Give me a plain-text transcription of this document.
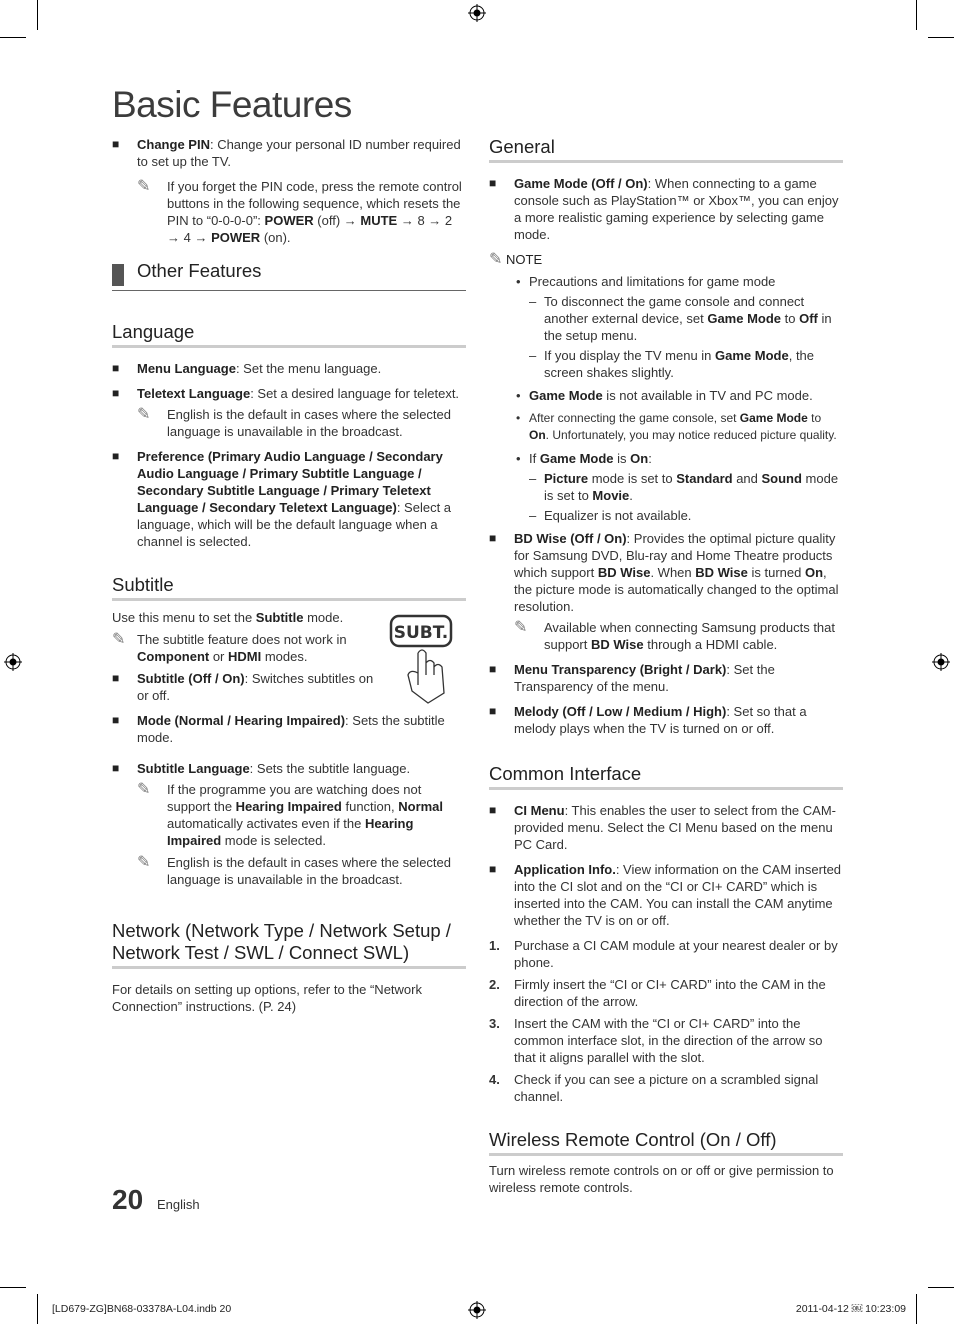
Basic Features
■ Change PIN: Change your personal ID number required to set up the TV.
✎ If you forget the PIN code, press the remote control buttons in the following sequence, which resets the PIN to “0-0-0-0”: POWER (off) → MUTE → 8 → 2 → 4 → POWER (on).
Other Features
Language
■ Menu Language: Set the menu language.
■ Teletext Language: Set a desired language for teletext.
✎ English is the default in cases where the selected language is unavailable in the broadcast.
■ Preference (Primary Audio Language / Secondary Audio Language / Primary Subtitle Language / Secondary Subtitle Language / Primary Teletext Language / Secondary Teletext Language): Select a language, which will be the default language when a channel is selected.
Subtitle
SUBT.
Use this menu to set the Subtitle mode.
✎ The subtitle feature does not work in Component or HDMI modes.
■ Subtitle (Off / On): Switches subtitles on or off.
■ Mode (Normal / Hearing Impaired): Sets the subtitle mode.
■ Subtitle Language: Sets the subtitle language.
✎ If the programme you are watching does not support the Hearing Impaired function, Normal automatically activates even if the Hearing Impaired mode is selected.
✎ English is the default in cases where the selected language is unavailable in the broadcast.
Network (Network Type / Network Setup / Network Test / SWL / Connect SWL)
For details on setting up options, refer to the “Network Connection” instructions. (P. 24)
General
■ Game Mode (Off / On): When connecting to a game console such as PlayStation™ or Xbox™, you can enjoy a more realistic gaming experience by selecting game mode.
✎ NOTE
• Precautions and limitations for game mode
– To disconnect the game console and connect another external device, set Game Mode to Off in the setup menu.
– If you display the TV menu in Game Mode, the screen shakes slightly.
• Game Mode is not available in TV and PC mode.
• After connecting the game console, set Game Mode to On. Unfortunately, you may notice reduced picture quality.
• If Game Mode is On:
– Picture mode is set to Standard and Sound mode is set to Movie.
– Equalizer is not available.
■ BD Wise (Off / On): Provides the optimal picture quality for Samsung DVD, Blu-ray and Home Theatre products which support BD Wise. When BD Wise is turned On, the picture mode is automatically changed to the optimal resolution.
✎ Available when connecting Samsung products that support BD Wise through a HDMI cable.
■ Menu Transparency (Bright / Dark): Set the Transparency of the menu.
■ Melody (Off / Low / Medium / High): Set so that a melody plays when the TV is turned on or off.
Common Interface
■ CI Menu: This enables the user to select from the CAM-provided menu. Select the CI Menu based on the menu PC Card.
■ Application Info.: View information on the CAM inserted into the CI slot and on the “CI or CI+ CARD” which is inserted into the CAM. You can install the CAM anytime whether the TV is on or off.
1. Purchase a CI CAM module at your nearest dealer or by phone.
2. Firmly insert the “CI or CI+ CARD” into the CAM in the direction of the arrow.
3. Insert the CAM with the “CI or CI+ CARD” into the common interface slot, in the direction of the arrow so that it aligns parallel with the slot.
4. Check if you can see a picture on a scrambled signal channel.
Wireless Remote Control (On / Off)
Turn wireless remote controls on or off or give permission to wireless remote controls.
20 English
[LD679-ZG]BN68-03378A-L04.indb 20	2011-04-12 ￼ 10:23:09
